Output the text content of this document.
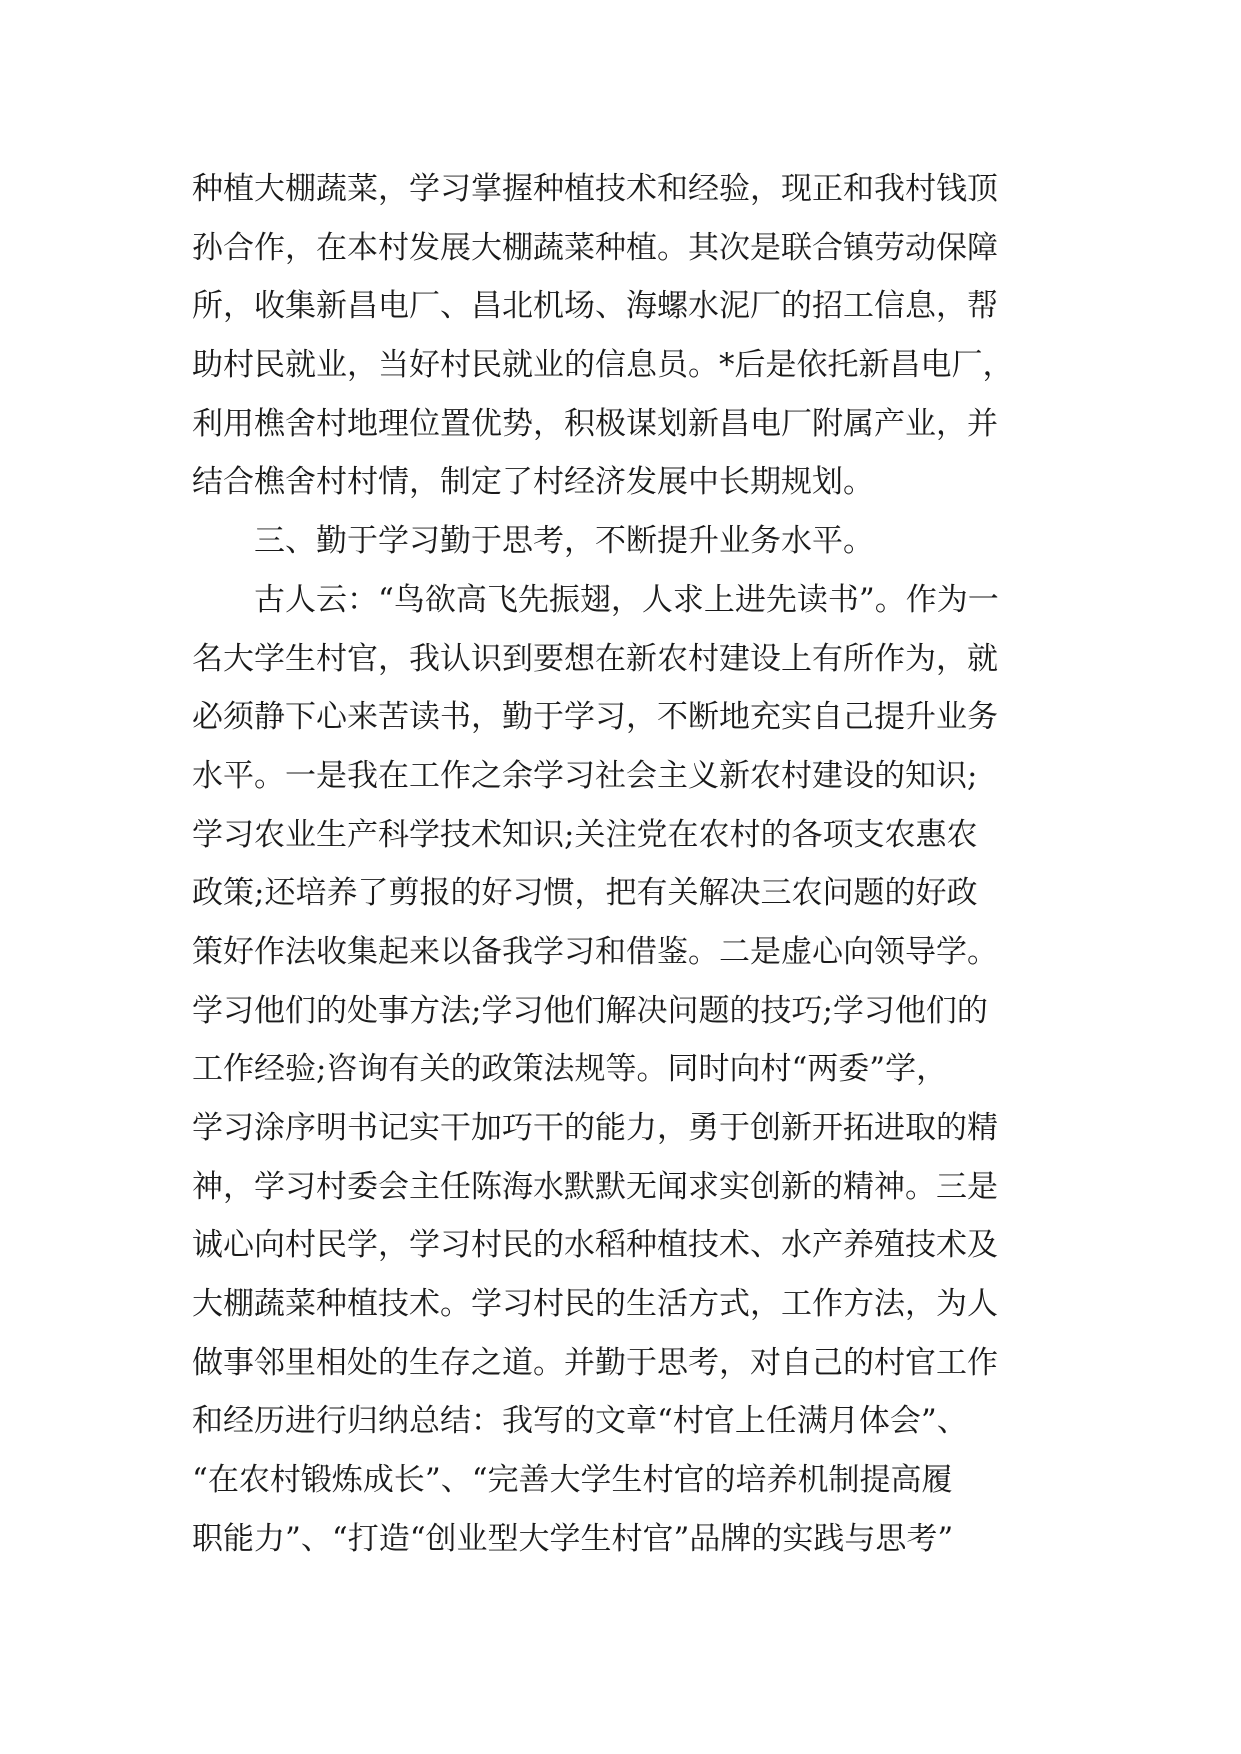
种植大棚蔬菜，学习掌握种植技术和经验，现正和我村钱顶

孙合作，在本村发展大棚蔬菜种植。其次是联合镇劳动保障

所，收集新昌电厂、昌北机场、海螺水泥厂的招工信息，帮

助村民就业，当好村民就业的信息员。*后是依托新昌电厂，

利用樵舍村地理位置优势，积极谋划新昌电厂附属产业，并

结合樵舍村村情，制定了村经济发展中长期规划。

三、勤于学习勤于思考，不断提升业务水平。

古人云：“鸟欲高飞先振翅，人求上进先读书”。作为一

名大学生村官，我认识到要想在新农村建设上有所作为，就

必须静下心来苦读书，勤于学习，不断地充实自己提升业务

水平。一是我在工作之余学习社会主义新农村建设的知识;

学习农业生产科学技术知识;关注党在农村的各项支农惠农

政策;还培养了剪报的好习惯，把有关解决三农问题的好政

策好作法收集起来以备我学习和借鉴。二是虚心向领导学。

学习他们的处事方法;学习他们解决问题的技巧;学习他们的

工作经验;咨询有关的政策法规等。同时向村“两委”学，

学习涂序明书记实干加巧干的能力，勇于创新开拓进取的精

神，学习村委会主任陈海水默默无闻求实创新的精神。三是

诚心向村民学，学习村民的水稻种植技术、水产养殖技术及

大棚蔬菜种植技术。学习村民的生活方式，工作方法，为人

做事邻里相处的生存之道。并勤于思考，对自己的村官工作

和经历进行归纳总结：我写的文章“村官上任满月体会”、

“在农村锻炼成长”、“完善大学生村官的培养机制提高履

职能力”、“打造“创业型大学生村官”品牌的实践与思考”
